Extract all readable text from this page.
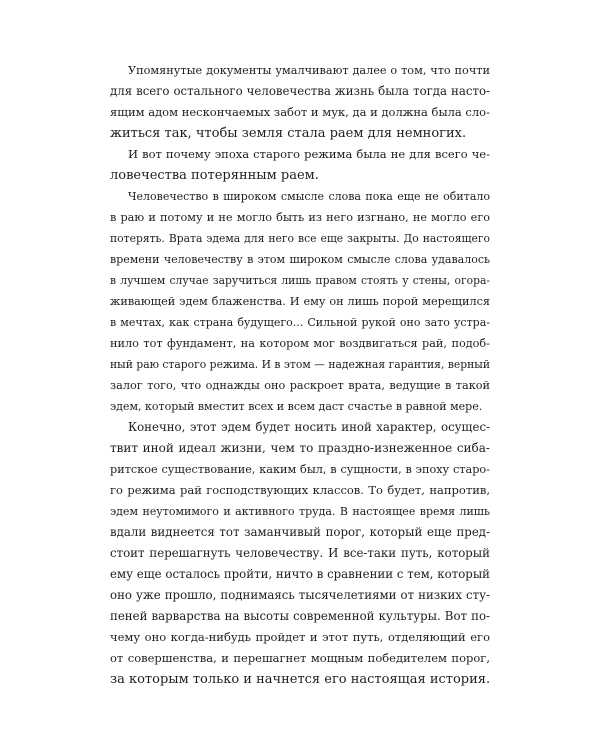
Упомянутые документы умалчивают далее о том, что почти
для всего остального человечества жизнь была тогда насто-
ящим адом нескончаемых забот и мук, да и должна была сло-
житься так, чтобы земля стала раем для немногих.
И вот почему эпоха старого режима была не для всего че-
ловечества потерянным раем.
Человечество в широком смысле слова пока еще не обитало
в раю и потому и не могло быть из него изгнано, не могло его
потерять. Врата эдема для него все еще закрыты. До настоящего
времени человечеству в этом широком смысле слова удавалось
в лучшем случае заручиться лишь правом стоять у стены, огора-
живающей эдем блаженства. И ему он лишь порой мерещился
в мечтах, как страна будущего... Сильной рукой оно зато устра-
нило тот фундамент, на котором мог воздвигаться рай, подоб-
ный раю старого режима. И в этом — надежная гарантия, верный
залог того, что однажды оно раскроет врата, ведущие в такой
эдем, который вместит всех и всем даст счастье в равной мере.
Конечно, этот эдем будет носить иной характер, осущес-
твит иной идеал жизни, чем то праздно-изнеженное сиба-
ритское существование, каким был, в сущности, в эпоху старо-
го режима рай господствующих классов. То будет, напротив,
эдем неутомимого и активного труда. В настоящее время лишь
вдали виднеется тот заманчивый порог, который еще пред-
стоит перешагнуть человечеству. И все-таки путь, который
ему еще осталось пройти, ничто в сравнении с тем, который
оно уже прошло, поднимаясь тысячелетиями от низких сту-
пеней варварства на высоты современной культуры. Вот по-
чему оно когда-нибудь пройдет и этот путь, отделяющий его
от совершенства, и перешагнет мощным победителем порог,
за которым только и начнется его настоящая история.
